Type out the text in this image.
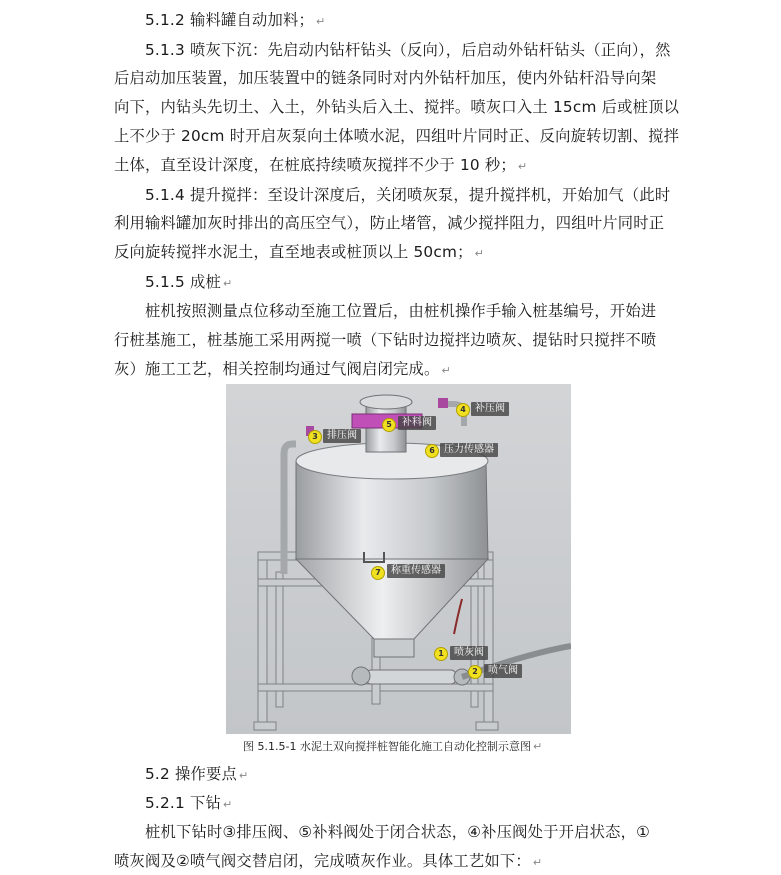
5.1.2 输料罐自动加料； ↵
5.1.3 喷灰下沉：先启动内钻杆钻头（反向），后启动外钻杆钻头（正向），然
后启动加压装置，加压装置中的链条同时对内外钻杆加压，使内外钻杆沿导向架
向下，内钻头先切土、入土，外钻头后入土、搅拌。喷灰口入土 15cm 后或桩顶以
上不少于 20cm 时开启灰泵向土体喷水泥，四组叶片同时正、反向旋转切割、搅拌
土体，直至设计深度，在桩底持续喷灰搅拌不少于 10 秒； ↵
5.1.4 提升搅拌：至设计深度后，关闭喷灰泵，提升搅拌机，开始加气（此时
利用输料罐加灰时排出的高压空气），防止堵管，减少搅拌阻力，四组叶片同时正
反向旋转搅拌水泥土，直至地表或桩顶以上 50cm； ↵
5.1.5 成桩 ↵
桩机按照测量点位移动至施工位置后，由桩机操作手输入桩基编号，开始进
行桩基施工，桩基施工采用两搅一喷（下钻时边搅拌边喷灰、提钻时只搅拌不喷
灰）施工工艺，相关控制均通过气阀启闭完成。 ↵
5.2 操作要点 ↵
5.2.1 下钻 ↵
桩机下钻时③排压阀、⑤补料阀处于闭合状态，④补压阀处于开启状态，①
喷灰阀及②喷气阀交替启闭，完成喷灰作业。具体工艺如下： ↵
5	补料阀
4 补压阀
3 排压阀
6 压力传感器
7	称重传感器
1	喷灰阀
2	喷气阀
图 5.1.5-1 水泥土双向搅拌桩智能化施工自动化控制示意图 ↵
